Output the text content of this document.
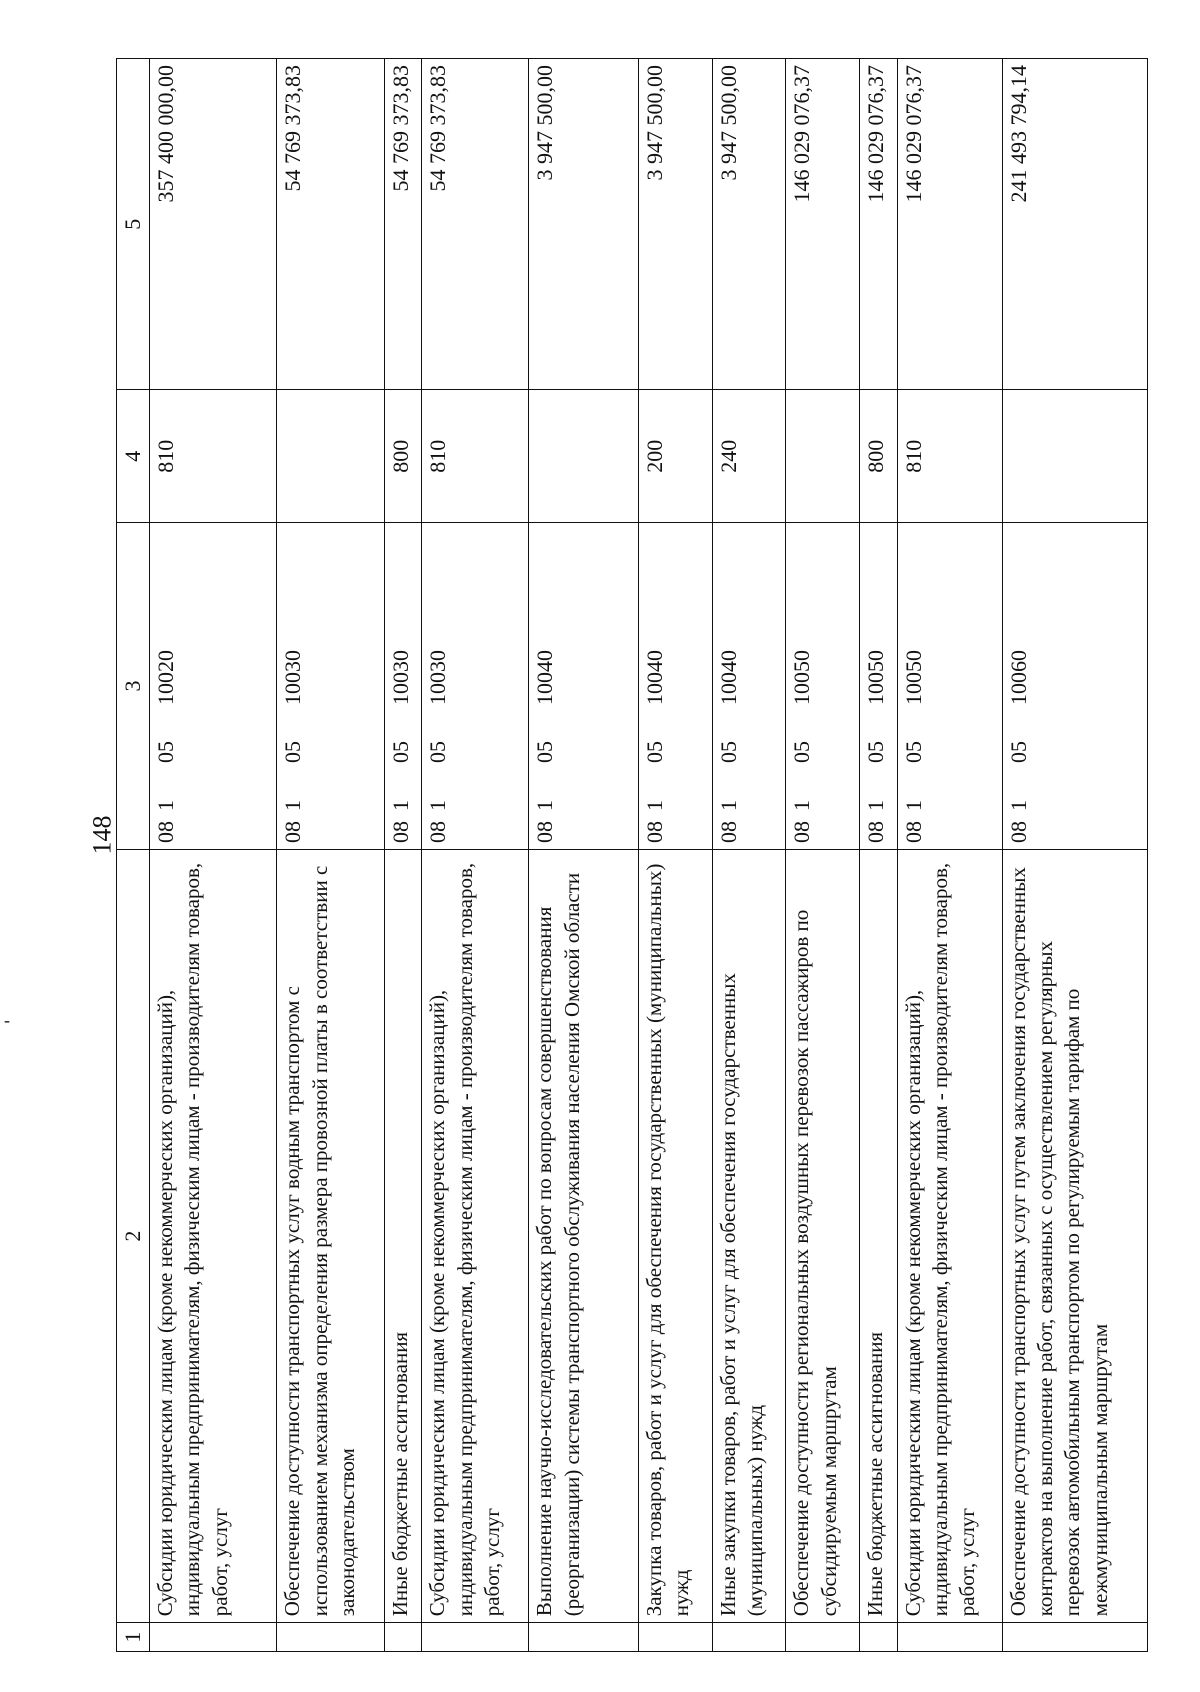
-
148
1	2	3	4	5
	Субсидии юридическим лицам (кроме некоммерческих организаций), индивидуальным предпринимателям, физическим лицам - производителям товаров, работ, услуг	0810510020	810	357 400 000,00
	Обеспечение доступности транспортных услуг водным транспортом с использованием механизма определения размера провозной платы в соответствии с законодательством	0810510030		54 769 373,83
	Иные бюджетные ассигнования	0810510030	800	54 769 373,83
	Субсидии юридическим лицам (кроме некоммерческих организаций), индивидуальным предпринимателям, физическим лицам - производителям товаров, работ, услуг	0810510030	810	54 769 373,83
	Выполнение научно-исследовательских работ по вопросам совершенствования (реорганизации) системы транспортного обслуживания населения Омской области	0810510040		3 947 500,00
	Закупка товаров, работ и услуг для обеспечения государственных (муниципальных) нужд	0810510040	200	3 947 500,00
	Иные закупки товаров, работ и услуг для обеспечения государственных (муниципальных) нужд	0810510040	240	3 947 500,00
	Обеспечение доступности региональных воздушных перевозок пассажиров по субсидируемым маршрутам	0810510050		146 029 076,37
	Иные бюджетные ассигнования	0810510050	800	146 029 076,37
	Субсидии юридическим лицам (кроме некоммерческих организаций), индивидуальным предпринимателям, физическим лицам - производителям товаров, работ, услуг	0810510050	810	146 029 076,37
	Обеспечение доступности транспортных услуг путем заключения государственных контрактов на выполнение работ, связанных с осуществлением регулярных перевозок автомобильным транспортом по регулируемым тарифам по межмуниципальным маршрутам	0810510060		241 493 794,14
